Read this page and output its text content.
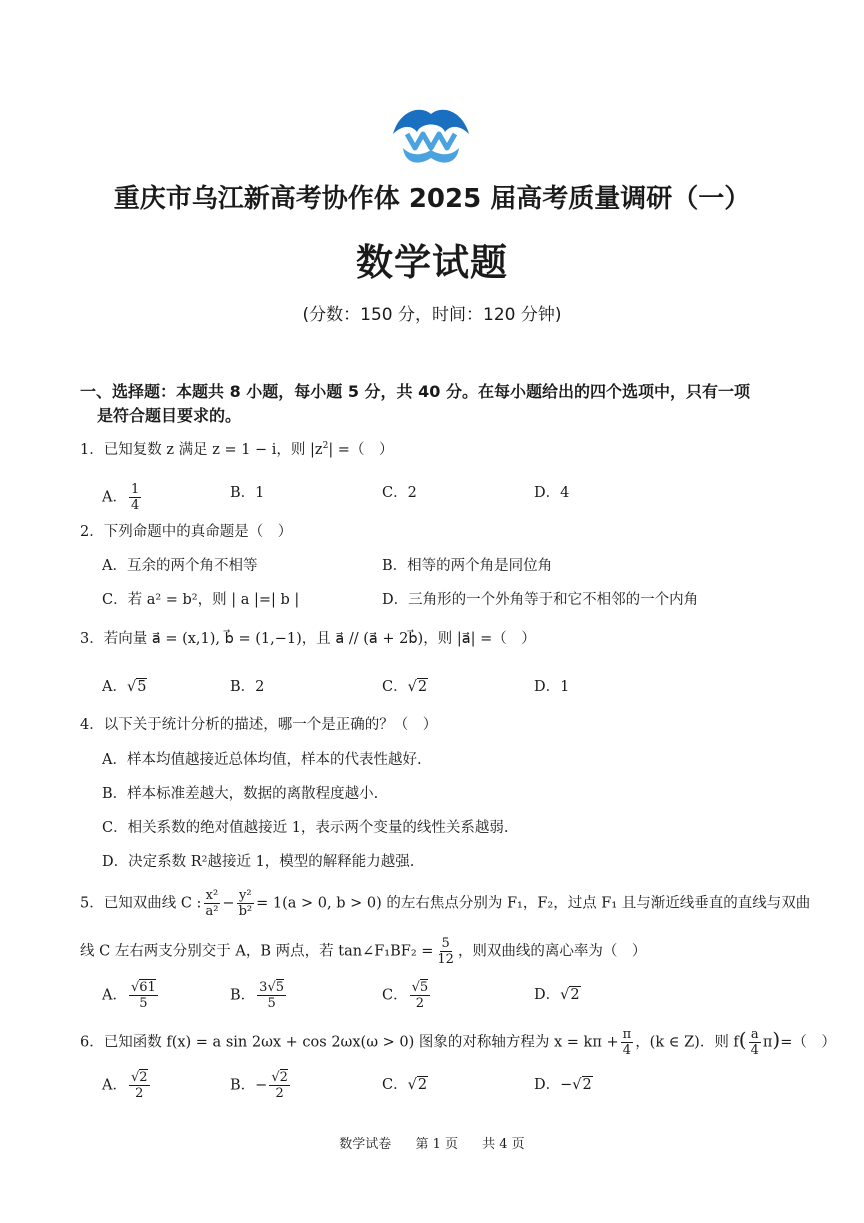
重庆市乌江新高考协作体 2025 届高考质量调研（一）
数学试题
(分数：150 分，时间：120 分钟)
一、选择题：本题共 8 小题，每小题 5 分，共 40 分。在每小题给出的四个选项中，只有一项
是符合题目要求的。
1．已知复数 z 满足 z = 1 − i，则 $|z^2|$ =（　）
A． $\frac{1}{4}$	B．1	C．2	D．4
2．下列命题中的真命题是（　）
A．互余的两个角不相等	B．相等的两个角是同位角
C．若 a² = b²，则 | a |=| b |	D．三角形的一个外角等于和它不相邻的一个内角
3．若向量 a⃗ = (x,1), b⃗ = (1,−1)，且 a⃗ // (a⃗ + 2b⃗)，则 |a⃗| =（　）
A．√5	B．2	C．√2	D．1
4．以下关于统计分析的描述，哪一个是正确的？（　）
A．样本均值越接近总体均值，样本的代表性越好.
B．样本标准差越大，数据的离散程度越小.
C．相关系数的绝对值越接近 1，表示两个变量的线性关系越弱.
D．决定系数 R²越接近 1，模型的解释能力越强.
5．已知双曲线 C : $\frac{\text{x²}}{\text{a²}} - \frac{\text{y²}}{\text{b²}} = 1(a > 0$, b > 0) 的左右焦点分别为 F₁，F₂，过点 F₁ 且与渐近线垂直的直线与双曲
线 C 左右两支分别交于 A，B 两点，若 tan∠F₁BF₂ = $\frac{5}{12}$ ，则双曲线的离心率为（　）
A． $\frac{√61}{5}$	B． $\frac{3√5}{5}$	C． $\frac{√5}{2}$	D．√2
6．已知函数 f(x) = a sin 2ωx + cos 2ωx(ω > 0) 图象的对称轴方程为 $x = k\pi + \frac{\pi}{4}$ ，(k ∈ Z)．则 $f( \frac{a}{4} \pi)=$（　）
A． $\frac{√2}{2}$	B．− $\frac{√2}{2}$	C．√2	D．−√2
数学试卷 第 1 页 共 4 页
